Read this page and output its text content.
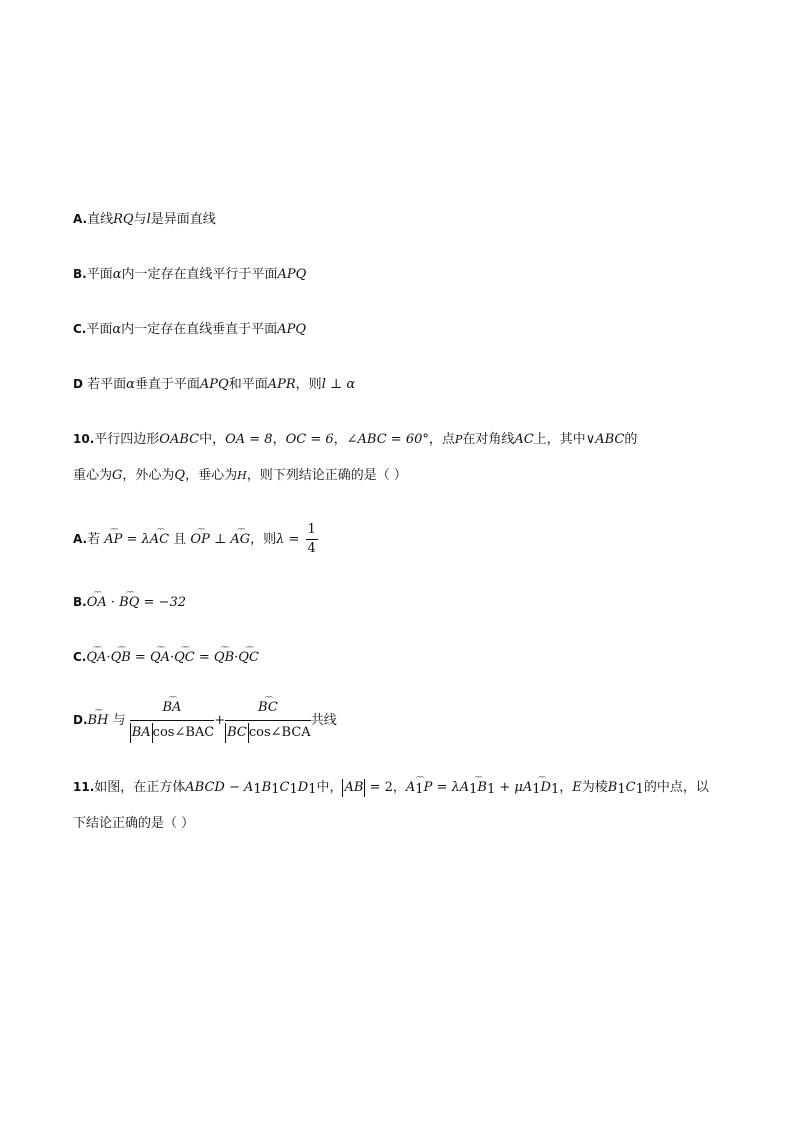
A.直线RQ与l是异面直线
B.平面α内一定存在直线平行于平面APQ
C.平面α内一定存在直线垂直于平面APQ
D 若平面α垂直于平面APQ和平面APR，则l ⊥ α
10.平行四边形OABC中，OA = 8，OC = 6，∠ABC = 60°，点P在对角线AC上，其中∨ABC的
重心为G，外心为Q，垂心为H，则下列结论正确的是（ ）
A.若 ⌢⌢ AP = λ⌢⌢ AC 且 ⌢⌢ OP ⊥ ⌢⌢ AG，则$\lambda = \frac{1}{4}$
B.⌢⌢ OA · ⌢⌢ BQ = −32
C.⌢⌢ QA·⌢⌢ QB = ⌢⌢ QA·⌢⌢ QC = ⌢⌢ QB·⌢⌢ QC
D.⌢⌢ BH 与 ⌢⌢ $\frac{BA}{\text{BA cos∠BAC}}$ + ⌢⌢ $\frac{BC}{\text{BC cos∠BCA}}$ 共线
11.如图，在正方体ABCD − $A_1B_1C_1D_1$中， AB = 2，⌢⌢ $A_1P$ = λ⌢⌢ $A_1B_1$ + μ⌢⌢ $A_1D_1$，E为棱$B_1C_1$的中点，以
下结论正确的是（ ）
